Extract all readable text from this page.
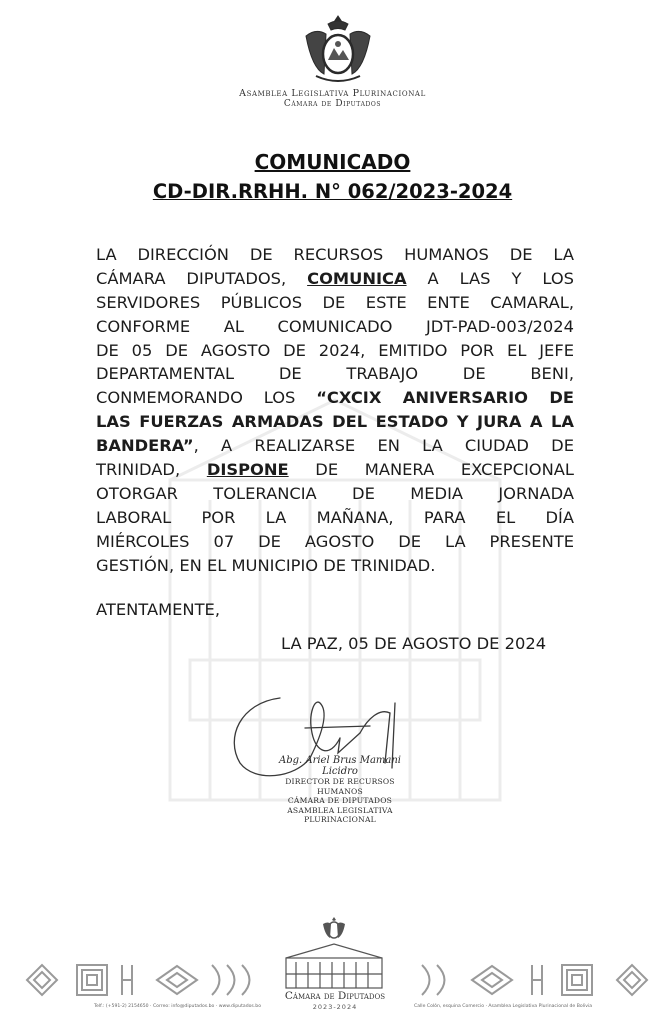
Asamblea Legislativa Plurinacional
Cámara de Diputados
COMUNICADO
CD-DIR.RRHH. N° 062/2023-2024
LA DIRECCIÓN DE RECURSOS HUMANOS DE LA
CÁMARA DIPUTADOS, COMUNICA A LAS Y LOS
SERVIDORES PÚBLICOS DE ESTE ENTE CAMARAL,
CONFORME AL COMUNICADO JDT-PAD-003/2024
DE 05 DE AGOSTO DE 2024, EMITIDO POR EL JEFE
DEPARTAMENTAL DE TRABAJO DE BENI,
CONMEMORANDO LOS “CXCIX ANIVERSARIO DE
LAS FUERZAS ARMADAS DEL ESTADO Y JURA A LA
BANDERA”, A REALIZARSE EN LA CIUDAD DE
TRINIDAD, DISPONE DE MANERA EXCEPCIONAL
OTORGAR TOLERANCIA DE MEDIA JORNADA
LABORAL POR LA MAÑANA, PARA EL DÍA
MIÉRCOLES 07 DE AGOSTO DE LA PRESENTE
GESTIÓN, EN EL MUNICIPIO DE TRINIDAD.
ATENTAMENTE,
LA PAZ, 05 DE AGOSTO DE 2024
Abg. Ariel Brus Mamani Licidro
DIRECTOR DE RECURSOS HUMANOS
CÁMARA DE DIPUTADOS
ASAMBLEA LEGISLATIVA PLURINACIONAL
Cámara de Diputados
2023-2024
Telf.: (+591-2) 2154650 · Correo: info@diputados.bo · www.diputados.bo	Calle Colón, esquina Comercio · Asamblea Legislativa Plurinacional de Bolivia
